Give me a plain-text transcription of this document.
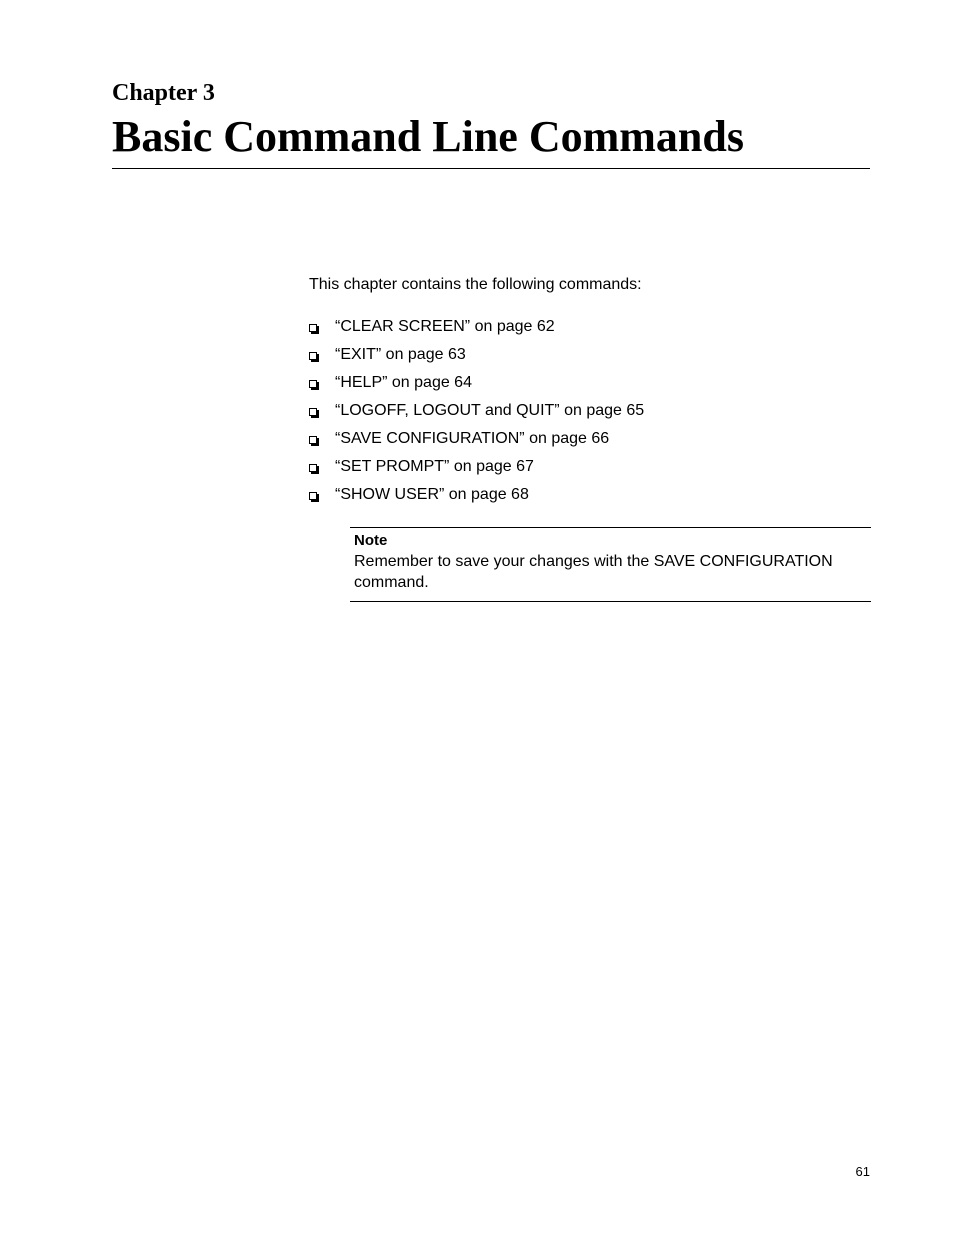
Chapter 3
Basic Command Line Commands

This chapter contains the following commands:

“CLEAR SCREEN” on page 62
“EXIT” on page 63
“HELP” on page 64
“LOGOFF, LOGOUT and QUIT” on page 65
“SAVE CONFIGURATION” on page 66
“SET PROMPT” on page 67
“SHOW USER” on page 68

Note

Remember to save your changes with the SAVE CONFIGURATION command.

61
